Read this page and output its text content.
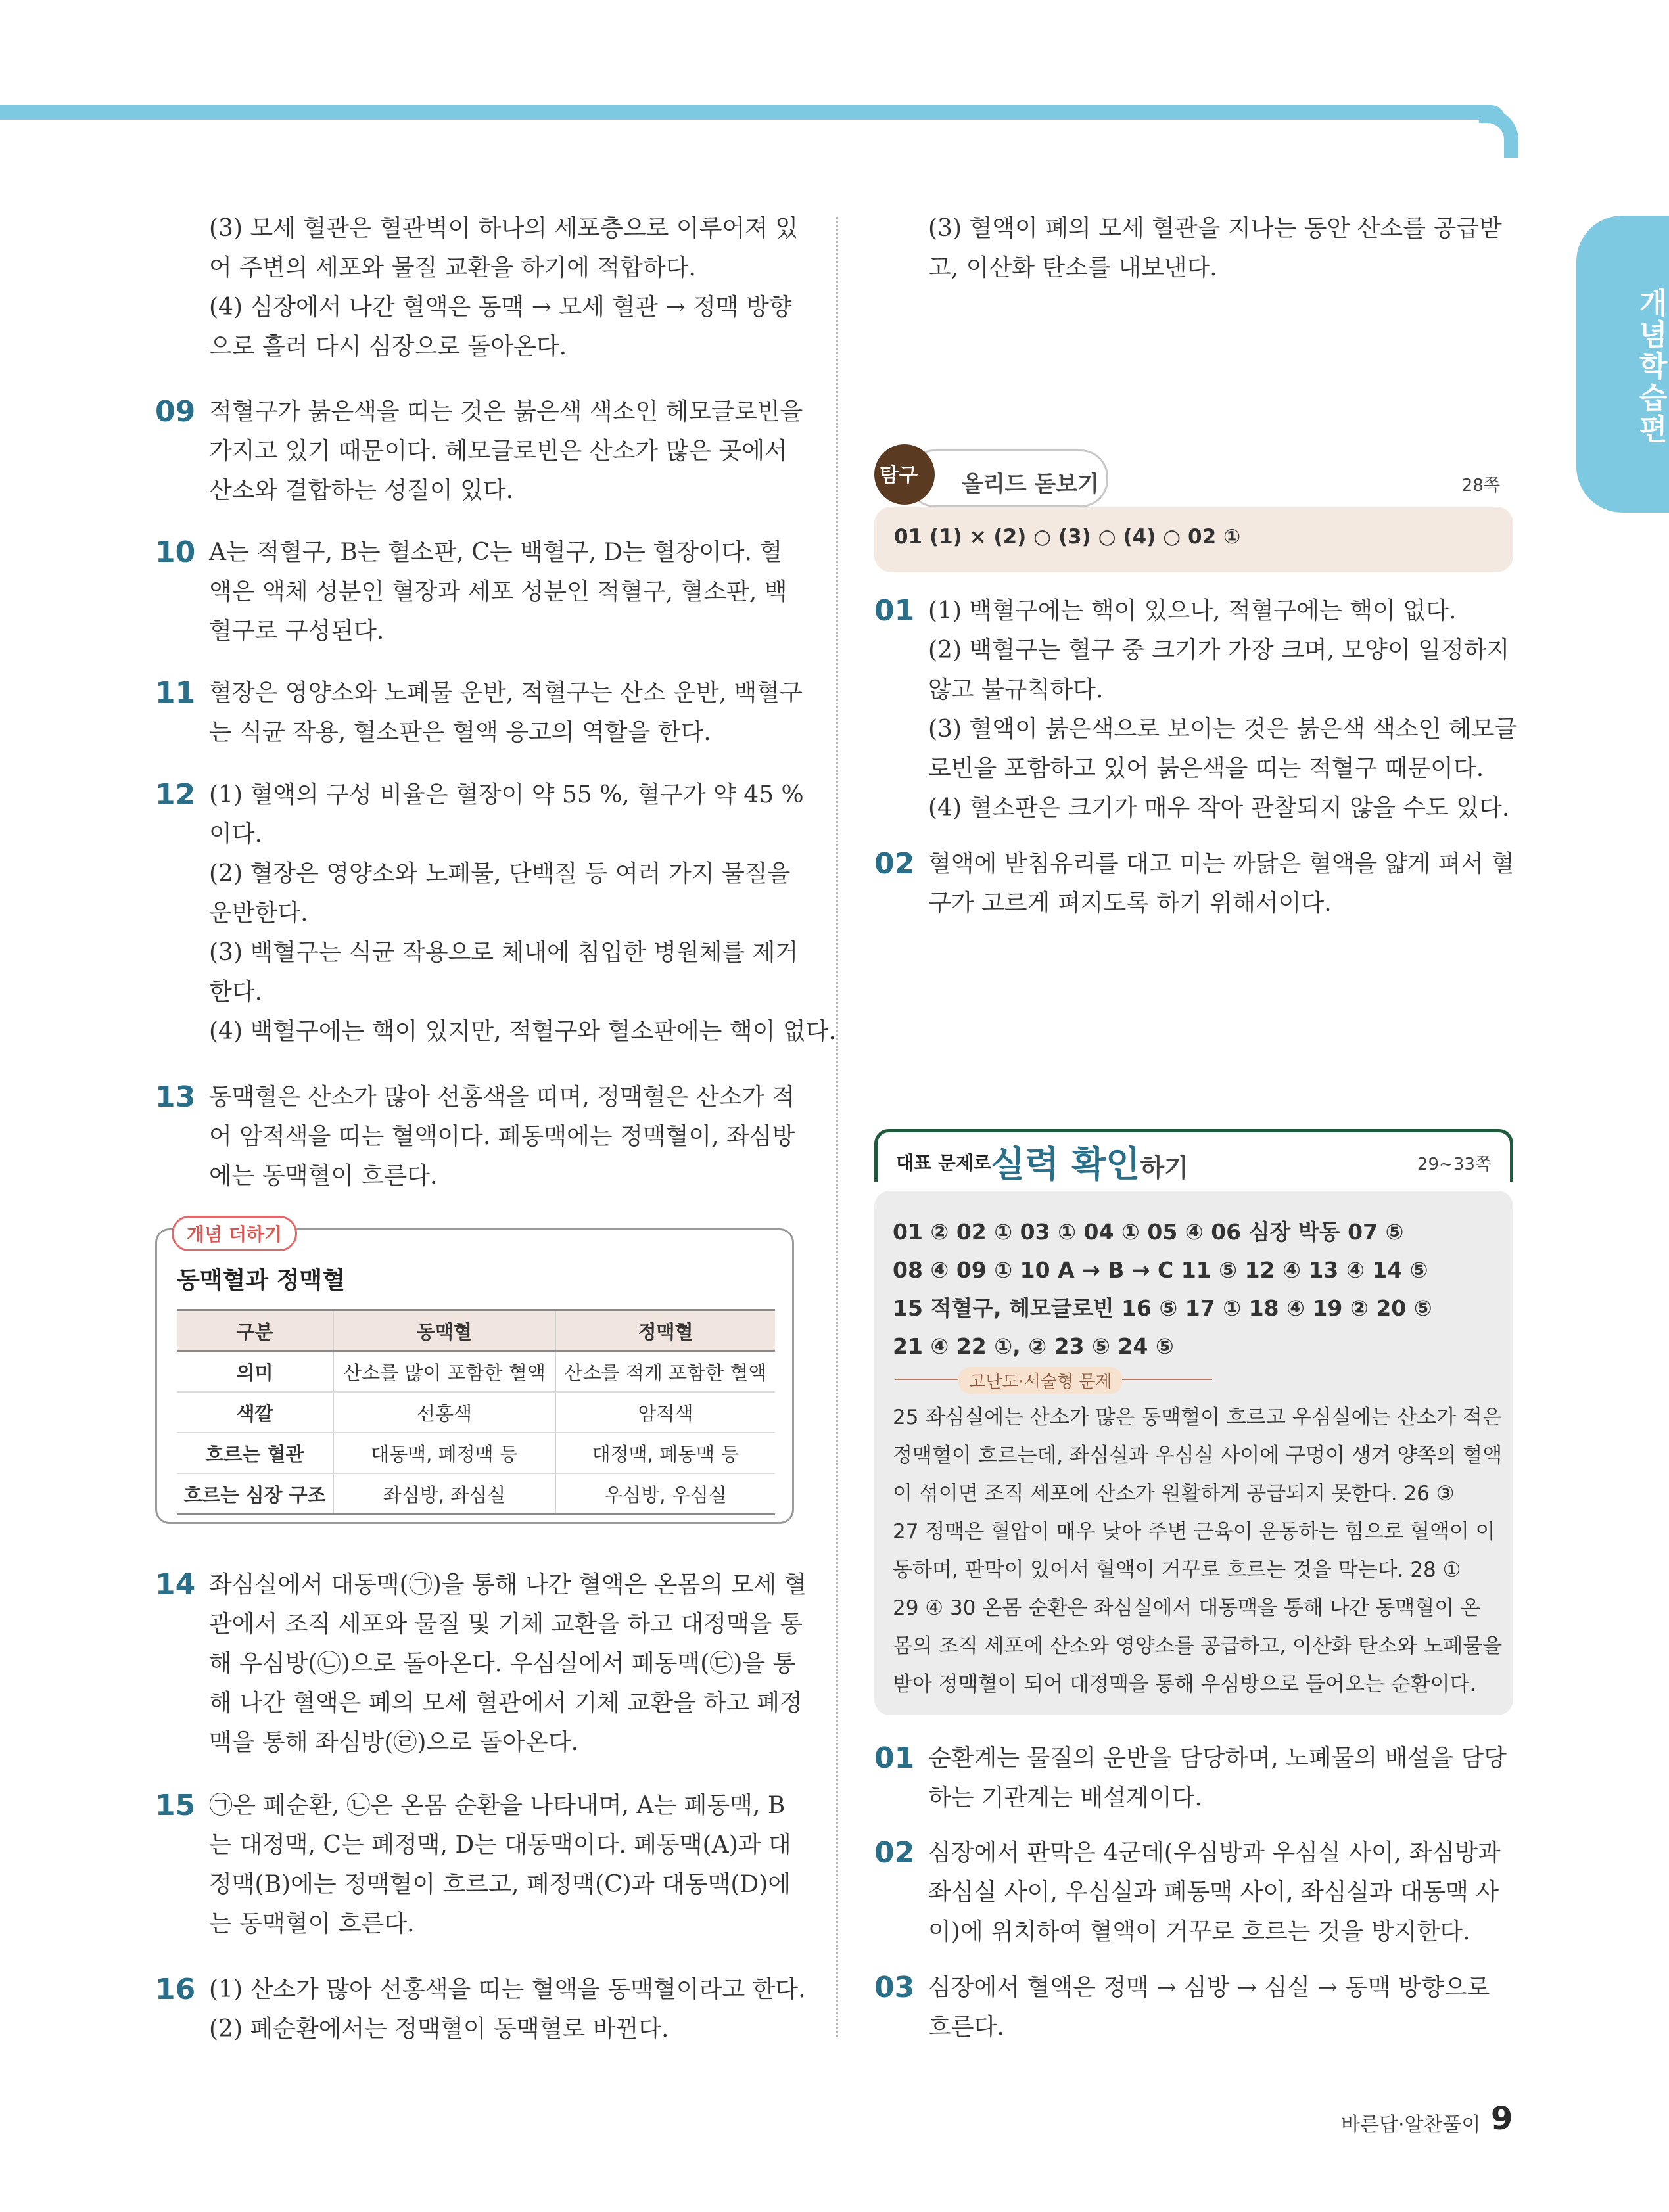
개념학습편
(3) 모세 혈관은 혈관벽이 하나의 세포층으로 이루어져 있
어 주변의 세포와 물질 교환을 하기에 적합하다.
(4) 심장에서 나간 혈액은 동맥 → 모세 혈관 → 정맥 방향
으로 흘러 다시 심장으로 돌아온다.
09 적혈구가 붉은색을 띠는 것은 붉은색 색소인 헤모글로빈을
가지고 있기 때문이다. 헤모글로빈은 산소가 많은 곳에서
산소와 결합하는 성질이 있다.
10 A는 적혈구, B는 혈소판, C는 백혈구, D는 혈장이다. 혈
액은 액체 성분인 혈장과 세포 성분인 적혈구, 혈소판, 백
혈구로 구성된다.
11 혈장은 영양소와 노폐물 운반, 적혈구는 산소 운반, 백혈구
는 식균 작용, 혈소판은 혈액 응고의 역할을 한다.
12 (1) 혈액의 구성 비율은 혈장이 약 55 %, 혈구가 약 45 %
이다.
(2) 혈장은 영양소와 노폐물, 단백질 등 여러 가지 물질을
운반한다.
(3) 백혈구는 식균 작용으로 체내에 침입한 병원체를 제거
한다.
(4) 백혈구에는 핵이 있지만, 적혈구와 혈소판에는 핵이 없다.
13 동맥혈은 산소가 많아 선홍색을 띠며, 정맥혈은 산소가 적
어 암적색을 띠는 혈액이다. 폐동맥에는 정맥혈이, 좌심방
에는 동맥혈이 흐른다.
개념 더하기
동맥혈과 정맥혈
구분	동맥혈	정맥혈
의미	산소를 많이 포함한 혈액	산소를 적게 포함한 혈액
색깔	선홍색	암적색
흐르는 혈관	대동맥, 폐정맥 등	대정맥, 폐동맥 등
흐르는 심장 구조	좌심방, 좌심실	우심방, 우심실
14 좌심실에서 대동맥(㉠)을 통해 나간 혈액은 온몸의 모세 혈
관에서 조직 세포와 물질 및 기체 교환을 하고 대정맥을 통
해 우심방(㉡)으로 돌아온다. 우심실에서 폐동맥(㉢)을 통
해 나간 혈액은 폐의 모세 혈관에서 기체 교환을 하고 폐정
맥을 통해 좌심방(㉣)으로 돌아온다.
15 ㉠은 폐순환, ㉡은 온몸 순환을 나타내며, A는 폐동맥, B
는 대정맥, C는 폐정맥, D는 대동맥이다. 폐동맥(A)과 대
정맥(B)에는 정맥혈이 흐르고, 폐정맥(C)과 대동맥(D)에
는 동맥혈이 흐른다.
16 (1) 산소가 많아 선홍색을 띠는 혈액을 동맥혈이라고 한다.
(2) 폐순환에서는 정맥혈이 동맥혈로 바뀐다.
(3) 혈액이 폐의 모세 혈관을 지나는 동안 산소를 공급받
고, 이산화 탄소를 내보낸다.
올리드 돋보기
탐구	28쪽
01 (1) × (2) ○ (3) ○ (4) ○ 02 ①
01 (1) 백혈구에는 핵이 있으나, 적혈구에는 핵이 없다.
(2) 백혈구는 혈구 중 크기가 가장 크며, 모양이 일정하지
않고 불규칙하다.
(3) 혈액이 붉은색으로 보이는 것은 붉은색 색소인 헤모글
로빈을 포함하고 있어 붉은색을 띠는 적혈구 때문이다.
(4) 혈소판은 크기가 매우 작아 관찰되지 않을 수도 있다.
02 혈액에 받침유리를 대고 미는 까닭은 혈액을 얇게 펴서 혈
구가 고르게 펴지도록 하기 위해서이다.
대표 문제로 실력 확인하기	29~33쪽
01 ② 02 ① 03 ① 04 ① 05 ④ 06 심장 박동 07 ⑤
08 ④ 09 ① 10 A → B → C 11 ⑤ 12 ④ 13 ④ 14 ⑤
15 적혈구, 헤모글로빈 16 ⑤ 17 ① 18 ④ 19 ② 20 ⑤
21 ④ 22 ①, ② 23 ⑤ 24 ⑤
고난도·서술형 문제
25 좌심실에는 산소가 많은 동맥혈이 흐르고 우심실에는 산소가 적은
정맥혈이 흐르는데, 좌심실과 우심실 사이에 구멍이 생겨 양쪽의 혈액
이 섞이면 조직 세포에 산소가 원활하게 공급되지 못한다. 26 ③
27 정맥은 혈압이 매우 낮아 주변 근육이 운동하는 힘으로 혈액이 이
동하며, 판막이 있어서 혈액이 거꾸로 흐르는 것을 막는다. 28 ①
29 ④ 30 온몸 순환은 좌심실에서 대동맥을 통해 나간 동맥혈이 온
몸의 조직 세포에 산소와 영양소를 공급하고, 이산화 탄소와 노폐물을
받아 정맥혈이 되어 대정맥을 통해 우심방으로 들어오는 순환이다.
01 순환계는 물질의 운반을 담당하며, 노폐물의 배설을 담당
하는 기관계는 배설계이다.
02 심장에서 판막은 4군데(우심방과 우심실 사이, 좌심방과
좌심실 사이, 우심실과 폐동맥 사이, 좌심실과 대동맥 사
이)에 위치하여 혈액이 거꾸로 흐르는 것을 방지한다.
03 심장에서 혈액은 정맥 → 심방 → 심실 → 동맥 방향으로
흐른다.
바른답·알찬풀이 9
